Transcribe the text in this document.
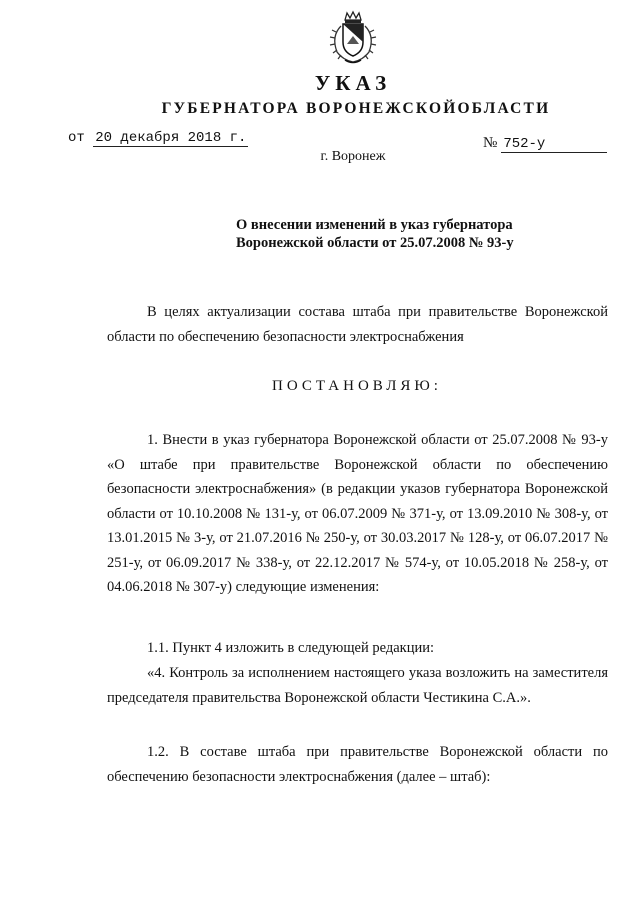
УКАЗ
ГУБЕРНАТОРА ВОРОНЕЖСКОЙОБЛАСТИ
от 20 декабря 2018 г.	№ 752-у
г. Воронеж
О внесении изменений в указ губернатора
Воронежской области от 25.07.2008 № 93-у

В целях актуализации состава штаба при правительстве Воронежской области по обеспечению безопасности электроснабжения

ПОСТАНОВЛЯЮ:

1. Внести в указ губернатора Воронежской области от 25.07.2008 № 93-у «О штабе при правительстве Воронежской области по обеспечению безопасности электроснабжения» (в редакции указов губернатора Воронежской области от 10.10.2008 № 131-у, от 06.07.2009 № 371-у, от 13.09.2010 № 308-у, от 13.01.2015 № 3-у, от 21.07.2016 № 250-у, от 30.03.2017 № 128-у, от 06.07.2017 № 251-у, от 06.09.2017 № 338-у, от 22.12.2017 № 574-у, от 10.05.2018 № 258-у, от 04.06.2018 № 307-у) следующие изменения:

1.1. Пункт 4 изложить в следующей редакции:

«4. Контроль за исполнением настоящего указа возложить на заместителя председателя правительства Воронежской области Честикина С.А.».

1.2. В составе штаба при правительстве Воронежской области по обеспечению безопасности электроснабжения (далее – штаб):
